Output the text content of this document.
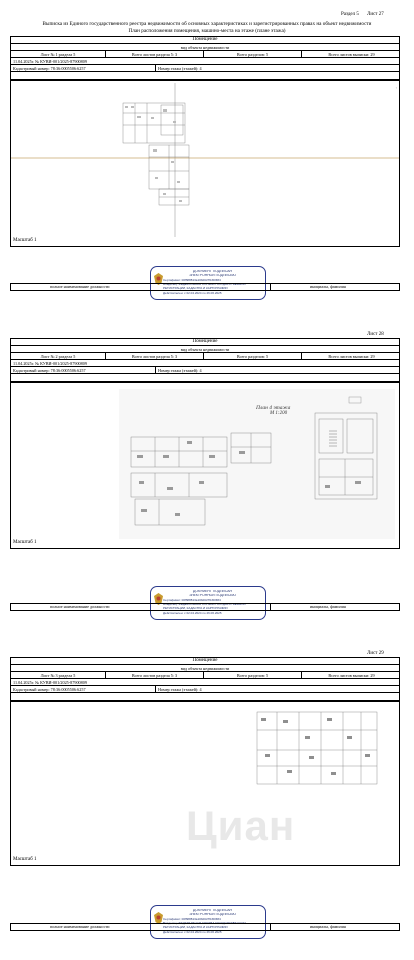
Раздел 5 Лист 27
Выписка из Единого государственного реестра недвижимости об основных характеристиках и зарегистрированных правах на объект недвижимости
План расположения помещения, машино-места на этаже (плане этажа)
Помещение
вид объекта недвижимости
Лист № 1 раздела 5	Всего листов раздела 5: 3	Всего разделов: 5	Всего листов выписки: 29
11.04.2025г. № КУВИ-001/2025-87900809
Кадастровый номер: 78:36:0005506:6257	Номер этажа (этажей): 4
↑
Масштаб 1
ДОКУМЕНТ ПОДПИСАН
ЭЛЕКТРОННОЙ ПОДПИСЬЮ
Сертификат: 00ff9f8813a10b00d7f1f00f0f4
Владелец: ФЕДЕРАЛЬНАЯ СЛУЖБА ГОСУДАРСТВЕННОЙ
РЕГИСТРАЦИИ, КАДАСТРА И КАРТОГРАФИИ
Действителен: с 02.04.2024 по 26.06.2025
полное наименование должности	инициалы, фамилия
Лист 28
Помещение
вид объекта недвижимости
Лист № 2 раздела 5	Всего листов раздела 5: 3	Всего разделов: 5	Всего листов выписки: 29
11.04.2025г. № КУВИ-001/2025-87900809
Кадастровый номер: 78:36:0005506:6257	Номер этажа (этажей): 4
План 4 этажа
М 1:200
Масштаб 1
ДОКУМЕНТ ПОДПИСАН
ЭЛЕКТРОННОЙ ПОДПИСЬЮ
Сертификат: 00ff9f8813a10b00d7f1f00f0f4
Владелец: ФЕДЕРАЛЬНАЯ СЛУЖБА ГОСУДАРСТВЕННОЙ
РЕГИСТРАЦИИ, КАДАСТРА И КАРТОГРАФИИ
Действителен: с 02.04.2024 по 26.06.2025
полное наименование должности	инициалы, фамилия
Лист 29
Помещение
вид объекта недвижимости
Лист № 3 раздела 5	Всего листов раздела 5: 3	Всего разделов: 5	Всего листов выписки: 29
11.04.2025г. № КУВИ-001/2025-87900809
Кадастровый номер: 78:36:0005506:6257	Номер этажа (этажей): 4
Циан
Масштаб 1
ДОКУМЕНТ ПОДПИСАН
ЭЛЕКТРОННОЙ ПОДПИСЬЮ
Сертификат: 00ff9f8813a10b00d7f1f00f0f4
Владелец: ФЕДЕРАЛЬНАЯ СЛУЖБА ГОСУДАРСТВЕННОЙ
РЕГИСТРАЦИИ, КАДАСТРА И КАРТОГРАФИИ
Действителен: с 02.04.2024 по 26.06.2025
полное наименование должности	инициалы, фамилия
